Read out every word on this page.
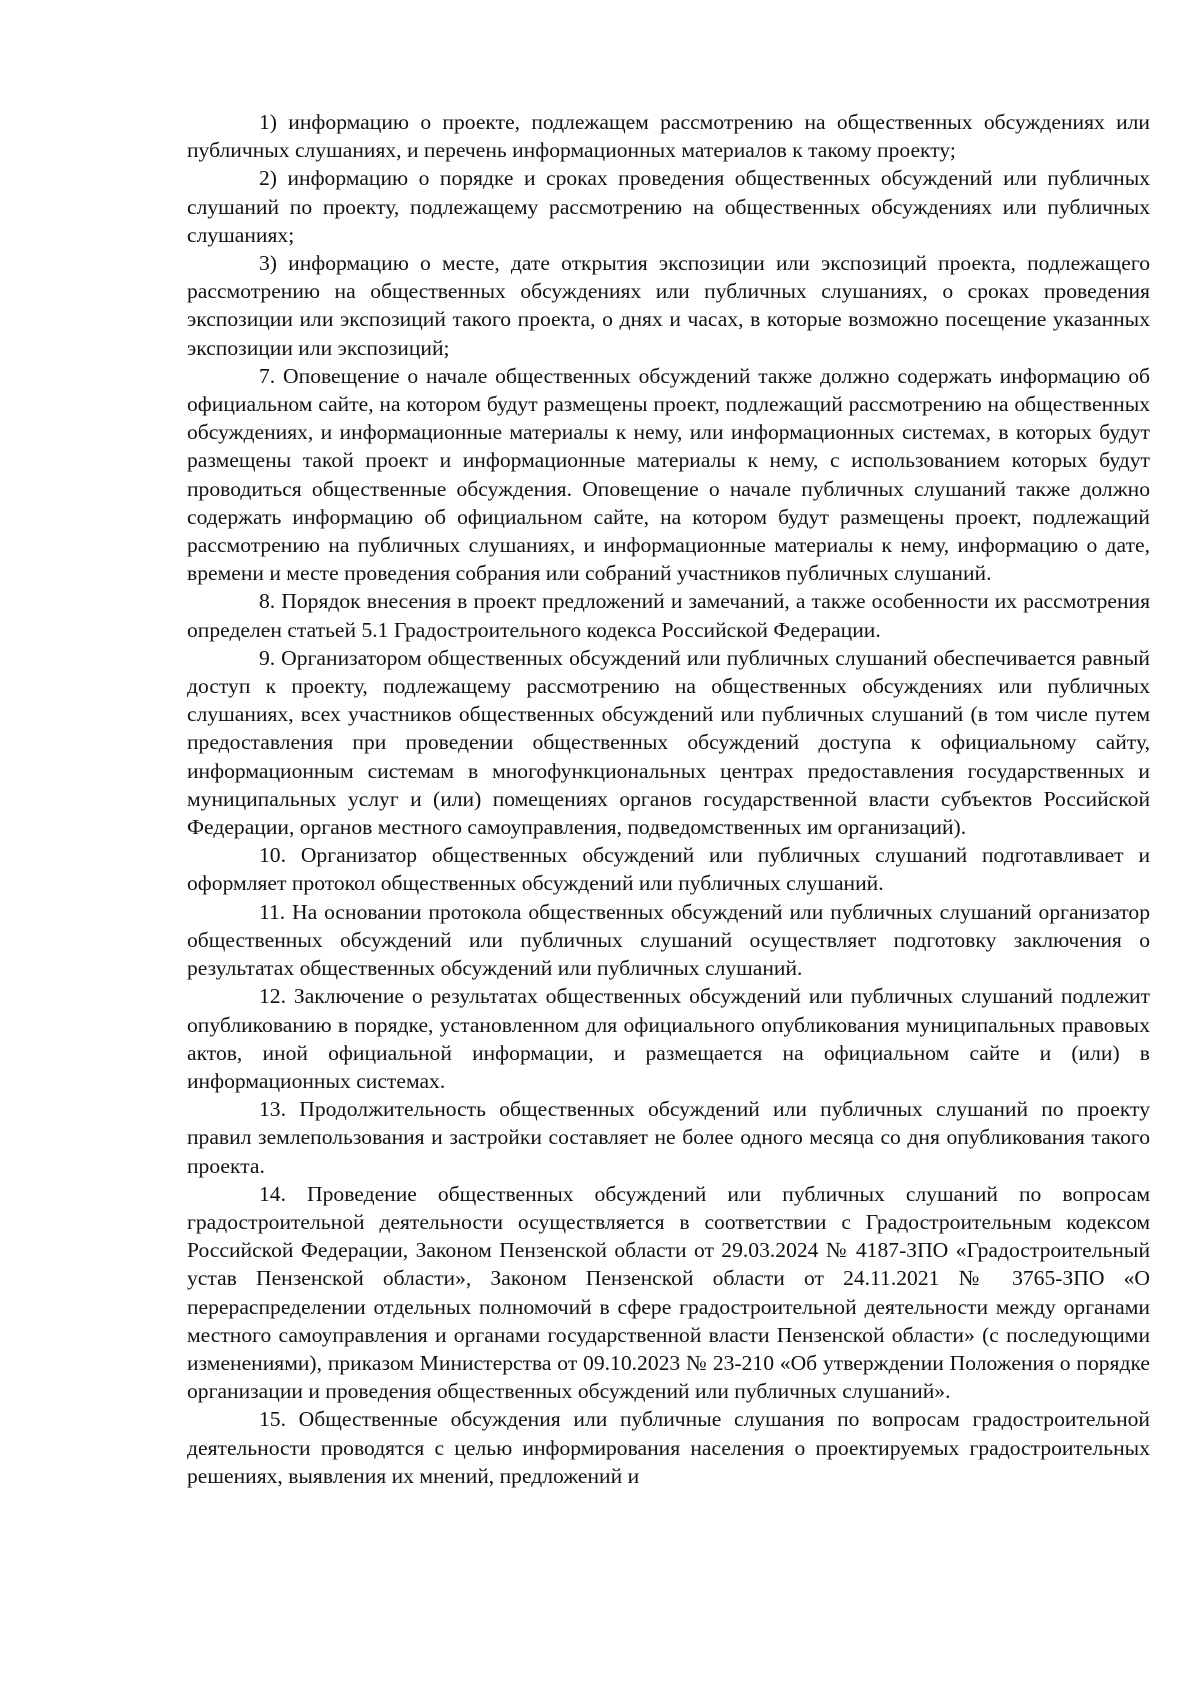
1) информацию о проекте, подлежащем рассмотрению на общественных обсуждениях или публичных слушаниях, и перечень информационных материалов к такому проекту;

2) информацию о порядке и сроках проведения общественных обсуждений или публичных слушаний по проекту, подлежащему рассмотрению на общественных обсуждениях или публичных слушаниях;

3) информацию о месте, дате открытия экспозиции или экспозиций проекта, подлежащего рассмотрению на общественных обсуждениях или публичных слушаниях, о сроках проведения экспозиции или экспозиций такого проекта, о днях и часах, в которые возможно посещение указанных экспозиции или экспозиций;

7. Оповещение о начале общественных обсуждений также должно содержать информацию об официальном сайте, на котором будут размещены проект, подлежащий рассмотрению на общественных обсуждениях, и информационные материалы к нему, или информационных системах, в которых будут размещены такой проект и информационные материалы к нему, с использованием которых будут проводиться общественные обсуждения. Оповещение о начале публичных слушаний также должно содержать информацию об официальном сайте, на котором будут размещены проект, подлежащий рассмотрению на публичных слушаниях, и информационные материалы к нему, информацию о дате, времени и месте проведения собрания или собраний участников публичных слушаний.

8. Порядок внесения в проект предложений и замечаний, а также особенности их рассмотрения определен статьей 5.1 Градостроительного кодекса Российской Федерации.

9. Организатором общественных обсуждений или публичных слушаний обеспечивается равный доступ к проекту, подлежащему рассмотрению на общественных обсуждениях или публичных слушаниях, всех участников общественных обсуждений или публичных слушаний (в том числе путем предоставления при проведении общественных обсуждений доступа к официальному сайту, информационным системам в многофункциональных центрах предоставления государственных и муниципальных услуг и (или) помещениях органов государственной власти субъектов Российской Федерации, органов местного самоуправления, подведомственных им организаций).

10. Организатор общественных обсуждений или публичных слушаний подготавливает и оформляет протокол общественных обсуждений или публичных слушаний.

11. На основании протокола общественных обсуждений или публичных слушаний организатор общественных обсуждений или публичных слушаний осуществляет подготовку заключения о результатах общественных обсуждений или публичных слушаний.

12. Заключение о результатах общественных обсуждений или публичных слушаний подлежит опубликованию в порядке, установленном для официального опубликования муниципальных правовых актов, иной официальной информации, и размещается на официальном сайте и (или) в информационных системах.

13. Продолжительность общественных обсуждений или публичных слушаний по проекту правил землепользования и застройки составляет не более одного месяца со дня опубликования такого проекта.

14. Проведение общественных обсуждений или публичных слушаний по вопросам градостроительной деятельности осуществляется в соответствии с Градостроительным кодексом Российской Федерации, Законом Пензенской области от 29.03.2024 № 4187-ЗПО «Градостроительный устав Пензенской области», Законом Пензенской области от 24.11.2021 № 3765-ЗПО «О перераспределении отдельных полномочий в сфере градостроительной деятельности между органами местного самоуправления и органами государственной власти Пензенской области» (с последующими изменениями), приказом Министерства от 09.10.2023 № 23-210 «Об утверждении Положения о порядке организации и проведения общественных обсуждений или публичных слушаний».

15. Общественные обсуждения или публичные слушания по вопросам градостроительной деятельности проводятся с целью информирования населения о проектируемых градостроительных решениях, выявления их мнений, предложений и
